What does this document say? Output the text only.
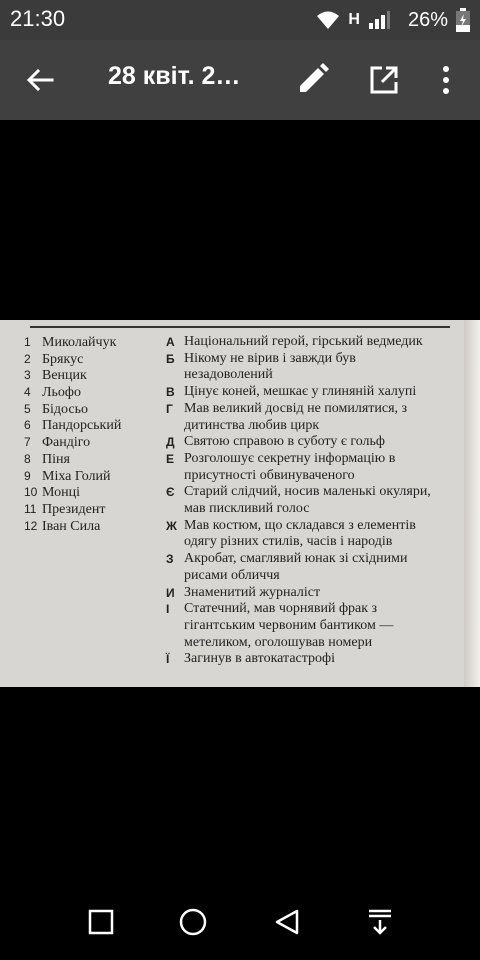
21:30	H 26%
28 квіт. 2…
1 Миколайчук
2 Брякус
3 Венцик
4 Льофо
5 Бідосьо
6 Пандорський
7 Фандіго
8 Піня
9 Міха Голий
10 Монці
11 Президент
12 Іван Сила
А Національний герой, гірський ведмедик
Б Нікому не вірив і завжди був незадоволений
В Цінує коней, мешкає у глиняній халупі
Г Мав великий досвід не помилятися, з дитинства любив цирк
Д Святою справою в суботу є гольф
Е Розголошує секретну інформацію в присутності обвинуваченого
Є Старий слідчий, носив маленькі окуляри, мав пискливий голос
Ж Мав костюм, що складався з елементів одягу різних стилів, часів і народів
З Акробат, смаглявий юнак зі східними рисами обличчя
И Знаменитий журналіст
І	Статечний, мав чорнявий фрак з гігантським червоним бантиком — метеликом, оголошував номери
Ї	Загинув в автокатастрофі
